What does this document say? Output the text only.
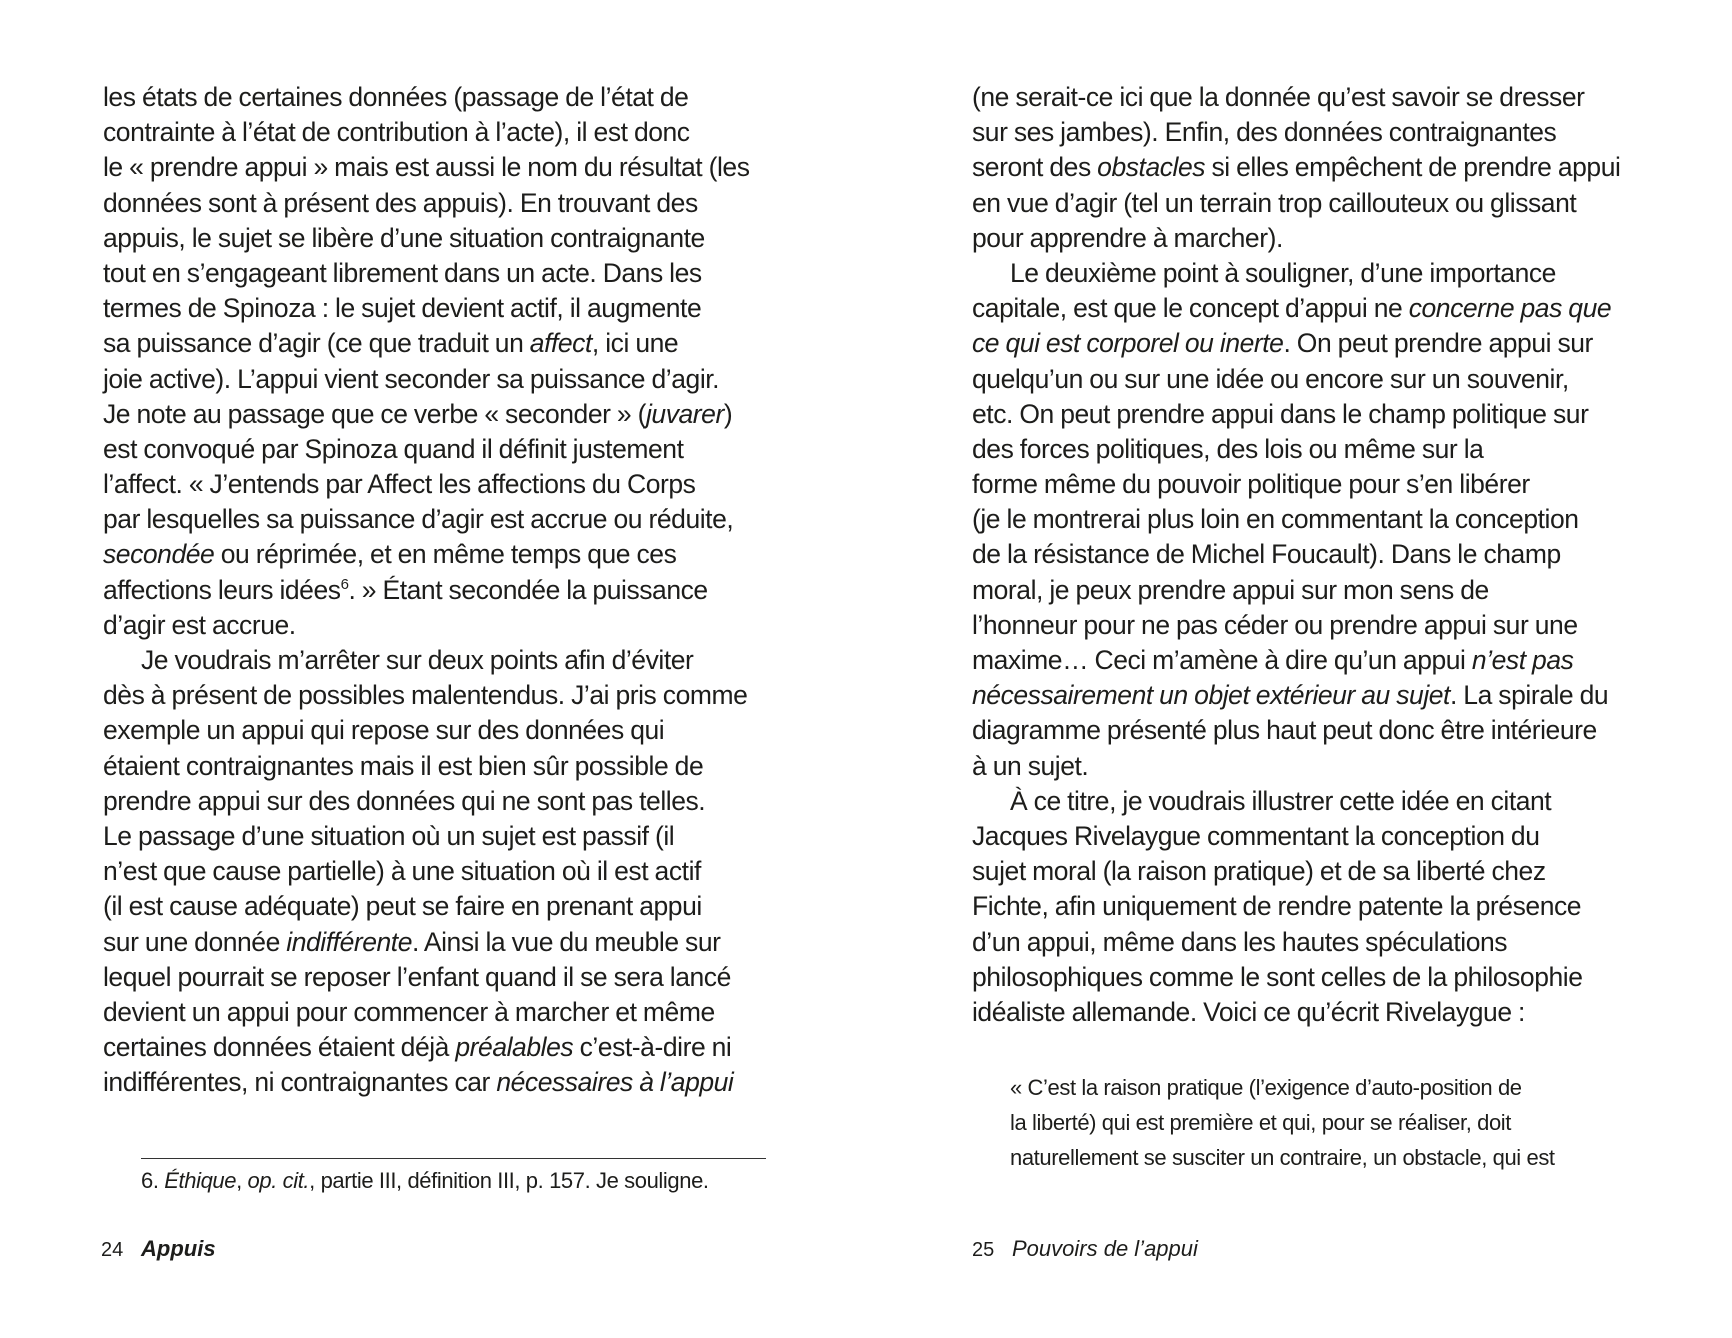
les états de certaines données (passage de l’état de
contrainte à l’état de contribution à l’acte), il est donc
le « prendre appui » mais est aussi le nom du résultat (les
données sont à présent des appuis). En trouvant des
appuis, le sujet se libère d’une situation contraignante
tout en s’engageant librement dans un acte. Dans les
termes de Spinoza : le sujet devient actif, il augmente
sa puissance d’agir (ce que traduit un affect, ici une
joie active). L’appui vient seconder sa puissance d’agir.
Je note au passage que ce verbe « seconder » (juvarer)
est convoqué par Spinoza quand il définit justement
l’affect. « J’entends par Affect les affections du Corps
par lesquelles sa puissance d’agir est accrue ou réduite,
secondée ou réprimée, et en même temps que ces
affections leurs idées$^6$. » Étant secondée la puissance
d’agir est accrue.
Je voudrais m’arrêter sur deux points afin d’éviter
dès à présent de possibles malentendus. J’ai pris comme
exemple un appui qui repose sur des données qui
étaient contraignantes mais il est bien sûr possible de
prendre appui sur des données qui ne sont pas telles.
Le passage d’une situation où un sujet est passif (il
n’est que cause partielle) à une situation où il est actif
(il est cause adéquate) peut se faire en prenant appui
sur une donnée indifférente. Ainsi la vue du meuble sur
lequel pourrait se reposer l’enfant quand il se sera lancé
devient un appui pour commencer à marcher et même
certaines données étaient déjà préalables c’est-à-dire ni
indifférentes, ni contraignantes car nécessaires à l’appui
6. Éthique, op. cit., partie III, définition III, p. 157. Je souligne.
24 Appuis
(ne serait-ce ici que la donnée qu’est savoir se dresser
sur ses jambes). Enfin, des données contraignantes
seront des obstacles si elles empêchent de prendre appui
en vue d’agir (tel un terrain trop caillouteux ou glissant
pour apprendre à marcher).
Le deuxième point à souligner, d’une importance
capitale, est que le concept d’appui ne concerne pas que
ce qui est corporel ou inerte. On peut prendre appui sur
quelqu’un ou sur une idée ou encore sur un souvenir,
etc. On peut prendre appui dans le champ politique sur
des forces politiques, des lois ou même sur la
forme même du pouvoir politique pour s’en libérer
(je le montrerai plus loin en commentant la conception
de la résistance de Michel Foucault). Dans le champ
moral, je peux prendre appui sur mon sens de
l’honneur pour ne pas céder ou prendre appui sur une
maxime… Ceci m’amène à dire qu’un appui n’est pas
nécessairement un objet extérieur au sujet. La spirale du
diagramme présenté plus haut peut donc être intérieure
à un sujet.
À ce titre, je voudrais illustrer cette idée en citant
Jacques Rivelaygue commentant la conception du
sujet moral (la raison pratique) et de sa liberté chez
Fichte, afin uniquement de rendre patente la présence
d’un appui, même dans les hautes spéculations
philosophiques comme le sont celles de la philosophie
idéaliste allemande. Voici ce qu’écrit Rivelaygue :
« C’est la raison pratique (l’exigence d’auto-position de
la liberté) qui est première et qui, pour se réaliser, doit
naturellement se susciter un contraire, un obstacle, qui est
25 Pouvoirs de l’appui
